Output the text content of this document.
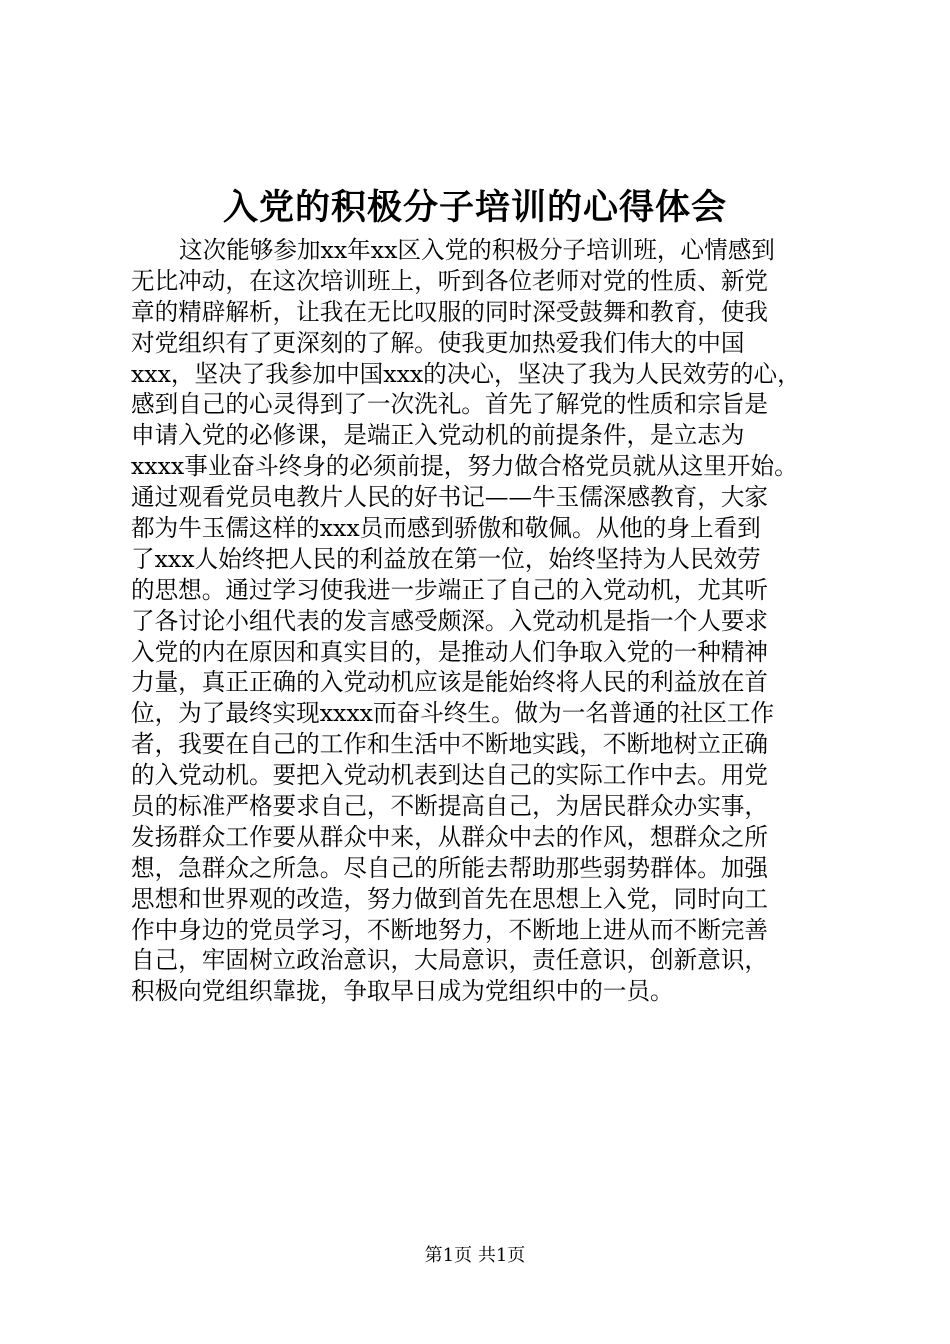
入党的积极分子培训的心得体会
这次能够参加xx年xx区入党的积极分子培训班，心情感到
无比冲动，在这次培训班上，听到各位老师对党的性质、新党
章的精辟解析，让我在无比叹服的同时深受鼓舞和教育，使我
对党组织有了更深刻的了解。使我更加热爱我们伟大的中国
xxx，坚决了我参加中国xxx的决心，坚决了我为人民效劳的心，
感到自己的心灵得到了一次洗礼。首先了解党的性质和宗旨是
申请入党的必修课，是端正入党动机的前提条件，是立志为
xxxx事业奋斗终身的必须前提，努力做合格党员就从这里开始。
通过观看党员电教片人民的好书记——牛玉儒深感教育，大家
都为牛玉儒这样的xxx员而感到骄傲和敬佩。从他的身上看到
了xxx人始终把人民的利益放在第一位，始终坚持为人民效劳
的思想。通过学习使我进一步端正了自己的入党动机，尤其听
了各讨论小组代表的发言感受颇深。入党动机是指一个人要求
入党的内在原因和真实目的，是推动人们争取入党的一种精神
力量，真正正确的入党动机应该是能始终将人民的利益放在首
位，为了最终实现xxxx而奋斗终生。做为一名普通的社区工作
者，我要在自己的工作和生活中不断地实践，不断地树立正确
的入党动机。要把入党动机表到达自己的实际工作中去。用党
员的标准严格要求自己，不断提高自己，为居民群众办实事，
发扬群众工作要从群众中来，从群众中去的作风，想群众之所
想，急群众之所急。尽自己的所能去帮助那些弱势群体。加强
思想和世界观的改造，努力做到首先在思想上入党，同时向工
作中身边的党员学习，不断地努力，不断地上进从而不断完善
自己，牢固树立政治意识，大局意识，责任意识，创新意识，
积极向党组织靠拢，争取早日成为党组织中的一员。
第1页 共1页
